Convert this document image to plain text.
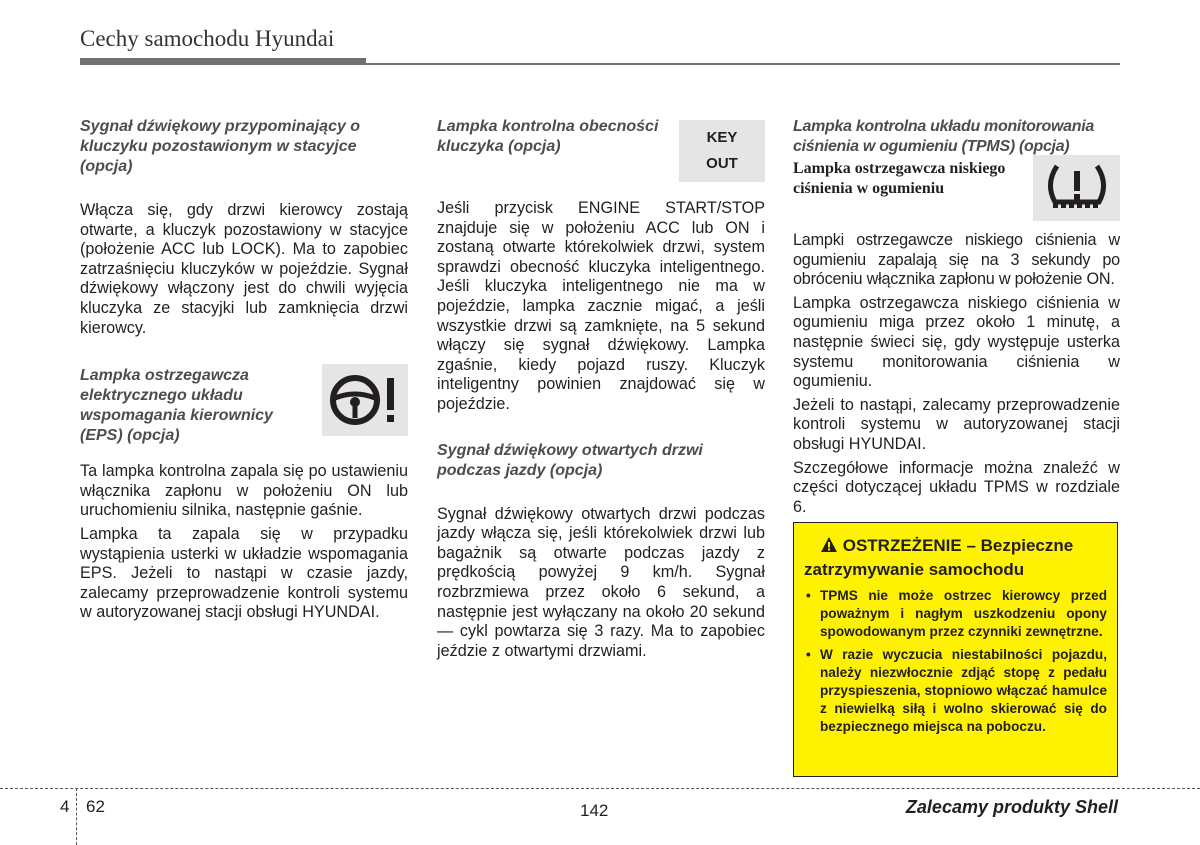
Cechy samochodu Hyundai

Sygnał dźwiękowy przypominający o kluczyku pozostawionym w stacyjce (opcja)

Włącza się, gdy drzwi kierowcy zostają otwarte, a kluczyk pozostawiony w stacyjce (położenie ACC lub LOCK). Ma to zapobiec zatrzaśnięciu kluczyków w pojeździe. Sygnał dźwiękowy włączony jest do chwili wyjęcia kluczyka ze stacyjki lub zamknięcia drzwi kierowcy.

Lampka ostrzegawcza elektrycznego układu wspomagania kierownicy (EPS) (opcja)

Ta lampka kontrolna zapala się po ustawieniu włącznika zapłonu w położeniu ON lub uruchomieniu silnika, następnie gaśnie.

Lampka ta zapala się w przypadku wystąpienia usterki w układzie wspomagania EPS. Jeżeli to nastąpi w czasie jazdy, zalecamy przeprowadzenie kontroli systemu w autoryzowanej stacji obsługi HYUNDAI.

Lampka kontrolna obecności kluczyka (opcja)

KEY
OUT

Jeśli przycisk ENGINE START/STOP znajduje się w położeniu ACC lub ON i zostaną otwarte którekolwiek drzwi, system sprawdzi obecność kluczyka inteligentnego. Jeśli kluczyka inteligentnego nie ma w pojeździe, lampka zacznie migać, a jeśli wszystkie drzwi są zamknięte, na 5 sekund włączy się sygnał dźwiękowy. Lampka zgaśnie, kiedy pojazd ruszy. Kluczyk inteligentny powinien znajdować się w pojeździe.

Sygnał dźwiękowy otwartych drzwi podczas jazdy (opcja)

Sygnał dźwiękowy otwartych drzwi podczas jazdy włącza się, jeśli którekolwiek drzwi lub bagażnik są otwarte podczas jazdy z prędkością powyżej 9 km/h. Sygnał rozbrzmiewa przez około 6 sekund, a następnie jest wyłączany na około 20 sekund — cykl powtarza się 3 razy. Ma to zapobiec jeździe z otwartymi drzwiami.

Lampka kontrolna układu monitorowania ciśnienia w ogumieniu (TPMS) (opcja)

Lampka ostrzegawcza niskiego ciśnienia w ogumieniu

Lampki ostrzegawcze niskiego ciśnienia w ogumieniu zapalają się na 3 sekundy po obróceniu włącznika zapłonu w położenie ON.

Lampka ostrzegawcza niskiego ciśnienia w ogumieniu miga przez około 1 minutę, a następnie świeci się, gdy występuje usterka systemu monitorowania ciśnienia w ogumieniu.

Jeżeli to nastąpi, zalecamy przeprowadzenie kontroli systemu w autoryzowanej stacji obsługi HYUNDAI.

Szczegółowe informacje można znaleźć w części dotyczącej układu TPMS w rozdziale 6.

OSTRZEŻENIE – Bezpieczne
zatrzymywanie samochodu
• TPMS nie może ostrzec kierowcy przed poważnym i nagłym uszkodzeniu opony spowodowanym przez czynniki zewnętrzne.
• W razie wyczucia niestabilności pojazdu, należy niezwłocznie zdjąć stopę z pedału przyspieszenia, stopniowo włączać hamulce z niewielką siłą i wolno skierować się do bezpiecznego miejsca na poboczu.
4 62	142	Zalecamy produkty Shell
